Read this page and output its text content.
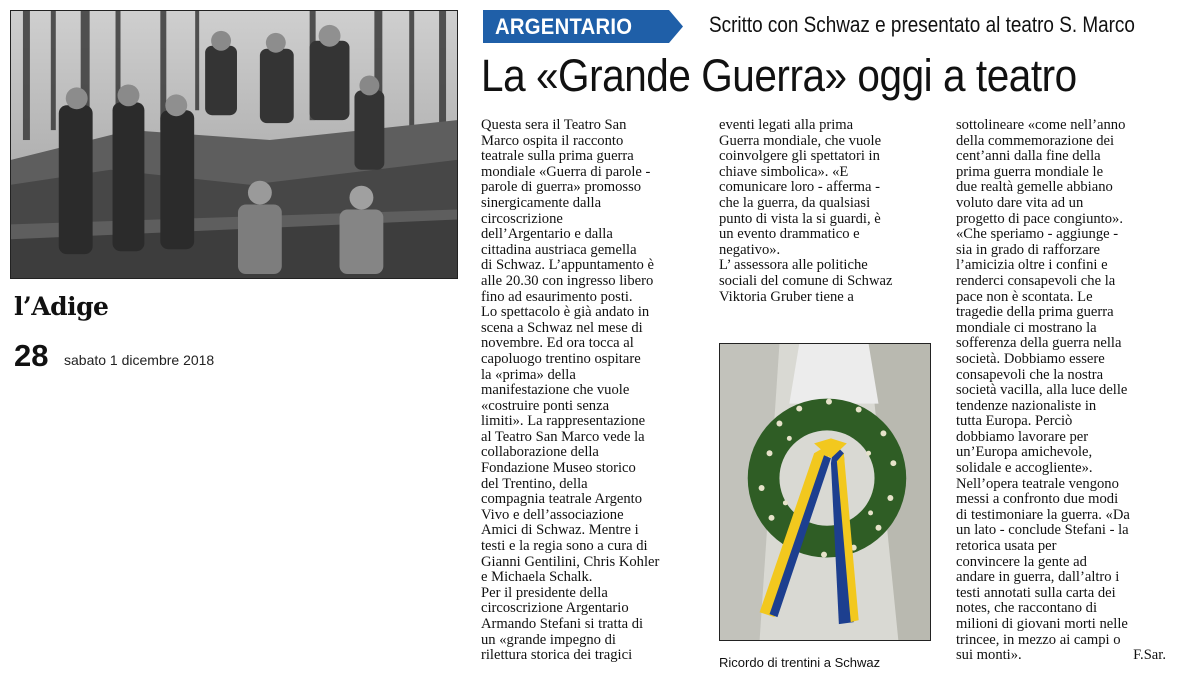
l’Adige
28 sabato 1 dicembre 2018
ARGENTARIO	Scritto con Schwaz e presentato al teatro S. Marco
La «Grande Guerra» oggi a teatro
Questa sera il Teatro San
Marco ospita il racconto
teatrale sulla prima guerra
mondiale «Guerra di parole -
parole di guerra» promosso
sinergicamente dalla
circoscrizione
dell’Argentario e dalla
cittadina austriaca gemella
di Schwaz. L’appuntamento è
alle 20.30 con ingresso libero
fino ad esaurimento posti.
Lo spettacolo è già andato in
scena a Schwaz nel mese di
novembre. Ed ora tocca al
capoluogo trentino ospitare
la «prima» della
manifestazione che vuole
«costruire ponti senza
limiti». La rappresentazione
al Teatro San Marco vede la
collaborazione della
Fondazione Museo storico
del Trentino, della
compagnia teatrale Argento
Vivo e dell’associazione
Amici di Schwaz. Mentre i
testi e la regia sono a cura di
Gianni Gentilini, Chris Kohler
e Michaela Schalk.
Per il presidente della
circoscrizione Argentario
Armando Stefani si tratta di
un «grande impegno di
rilettura storica dei tragici
eventi legati alla prima
Guerra mondiale, che vuole
coinvolgere gli spettatori in
chiave simbolica». «E
comunicare loro - afferma -
che la guerra, da qualsiasi
punto di vista la si guardi, è
un evento drammatico e
negativo».
L’ assessora alle politiche
sociali del comune di Schwaz
Viktoria Gruber tiene a
sottolineare «come nell’anno
della commemorazione dei
cent’anni dalla fine della
prima guerra mondiale le
due realtà gemelle abbiano
voluto dare vita ad un
progetto di pace congiunto».
«Che speriamo - aggiunge -
sia in grado di rafforzare
l’amicizia oltre i confini e
renderci consapevoli che la
pace non è scontata. Le
tragedie della prima guerra
mondiale ci mostrano la
sofferenza della guerra nella
società. Dobbiamo essere
consapevoli che la nostra
società vacilla, alla luce delle
tendenze nazionaliste in
tutta Europa. Perciò
dobbiamo lavorare per
un’Europa amichevole,
solidale e accogliente».
Nell’opera teatrale vengono
messi a confronto due modi
di testimoniare la guerra. «Da
un lato - conclude Stefani - la
retorica usata per
convincere la gente ad
andare in guerra, dall’altro i
testi annotati sulla carta dei
notes, che raccontano di
milioni di giovani morti nelle
trincee, in mezzo ai campi o
sui monti».	F.Sar.
Ricordo di trentini a Schwaz
